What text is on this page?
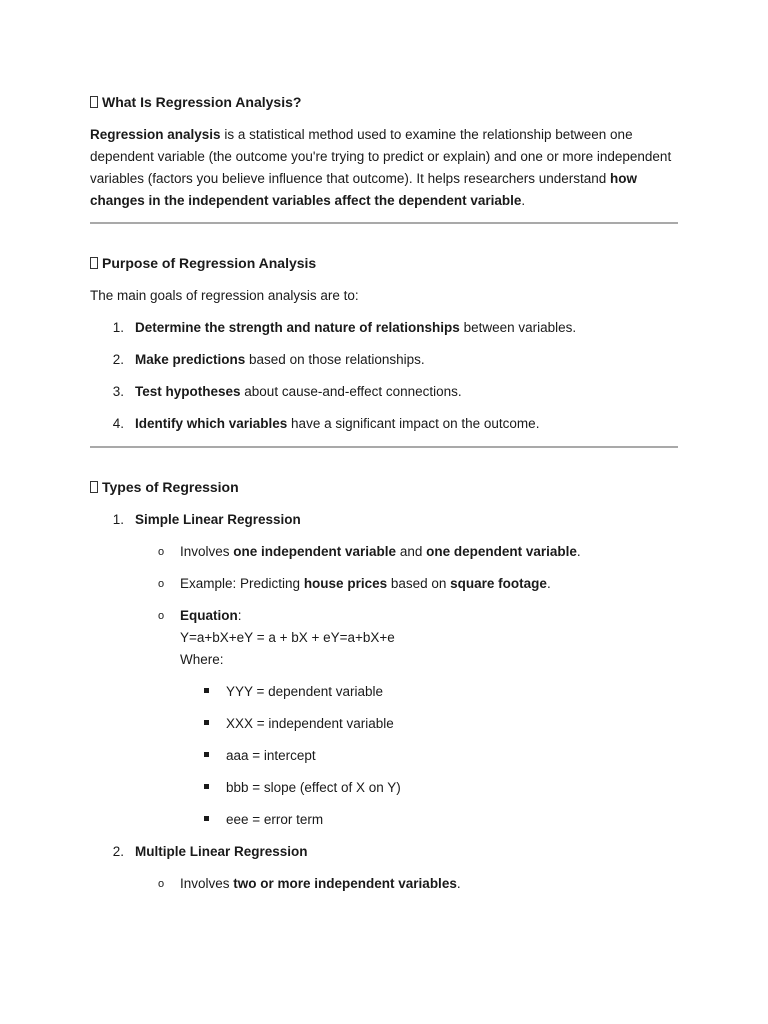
What Is Regression Analysis?
Regression analysis is a statistical method used to examine the relationship between one dependent variable (the outcome you're trying to predict or explain) and one or more independent variables (factors you believe influence that outcome). It helps researchers understand how changes in the independent variables affect the dependent variable.
Purpose of Regression Analysis
The main goals of regression analysis are to:
1. Determine the strength and nature of relationships between variables.
2. Make predictions based on those relationships.
3. Test hypotheses about cause-and-effect connections.
4. Identify which variables have a significant impact on the outcome.
Types of Regression
1. Simple Linear Regression
o Involves one independent variable and one dependent variable.
o Example: Predicting house prices based on square footage.
o Equation:
Y=a+bX+eY = a + bX + eY=a+bX+e
Where:
YYY = dependent variable
XXX = independent variable
aaa = intercept
bbb = slope (effect of X on Y)
eee = error term
2. Multiple Linear Regression
o Involves two or more independent variables.
